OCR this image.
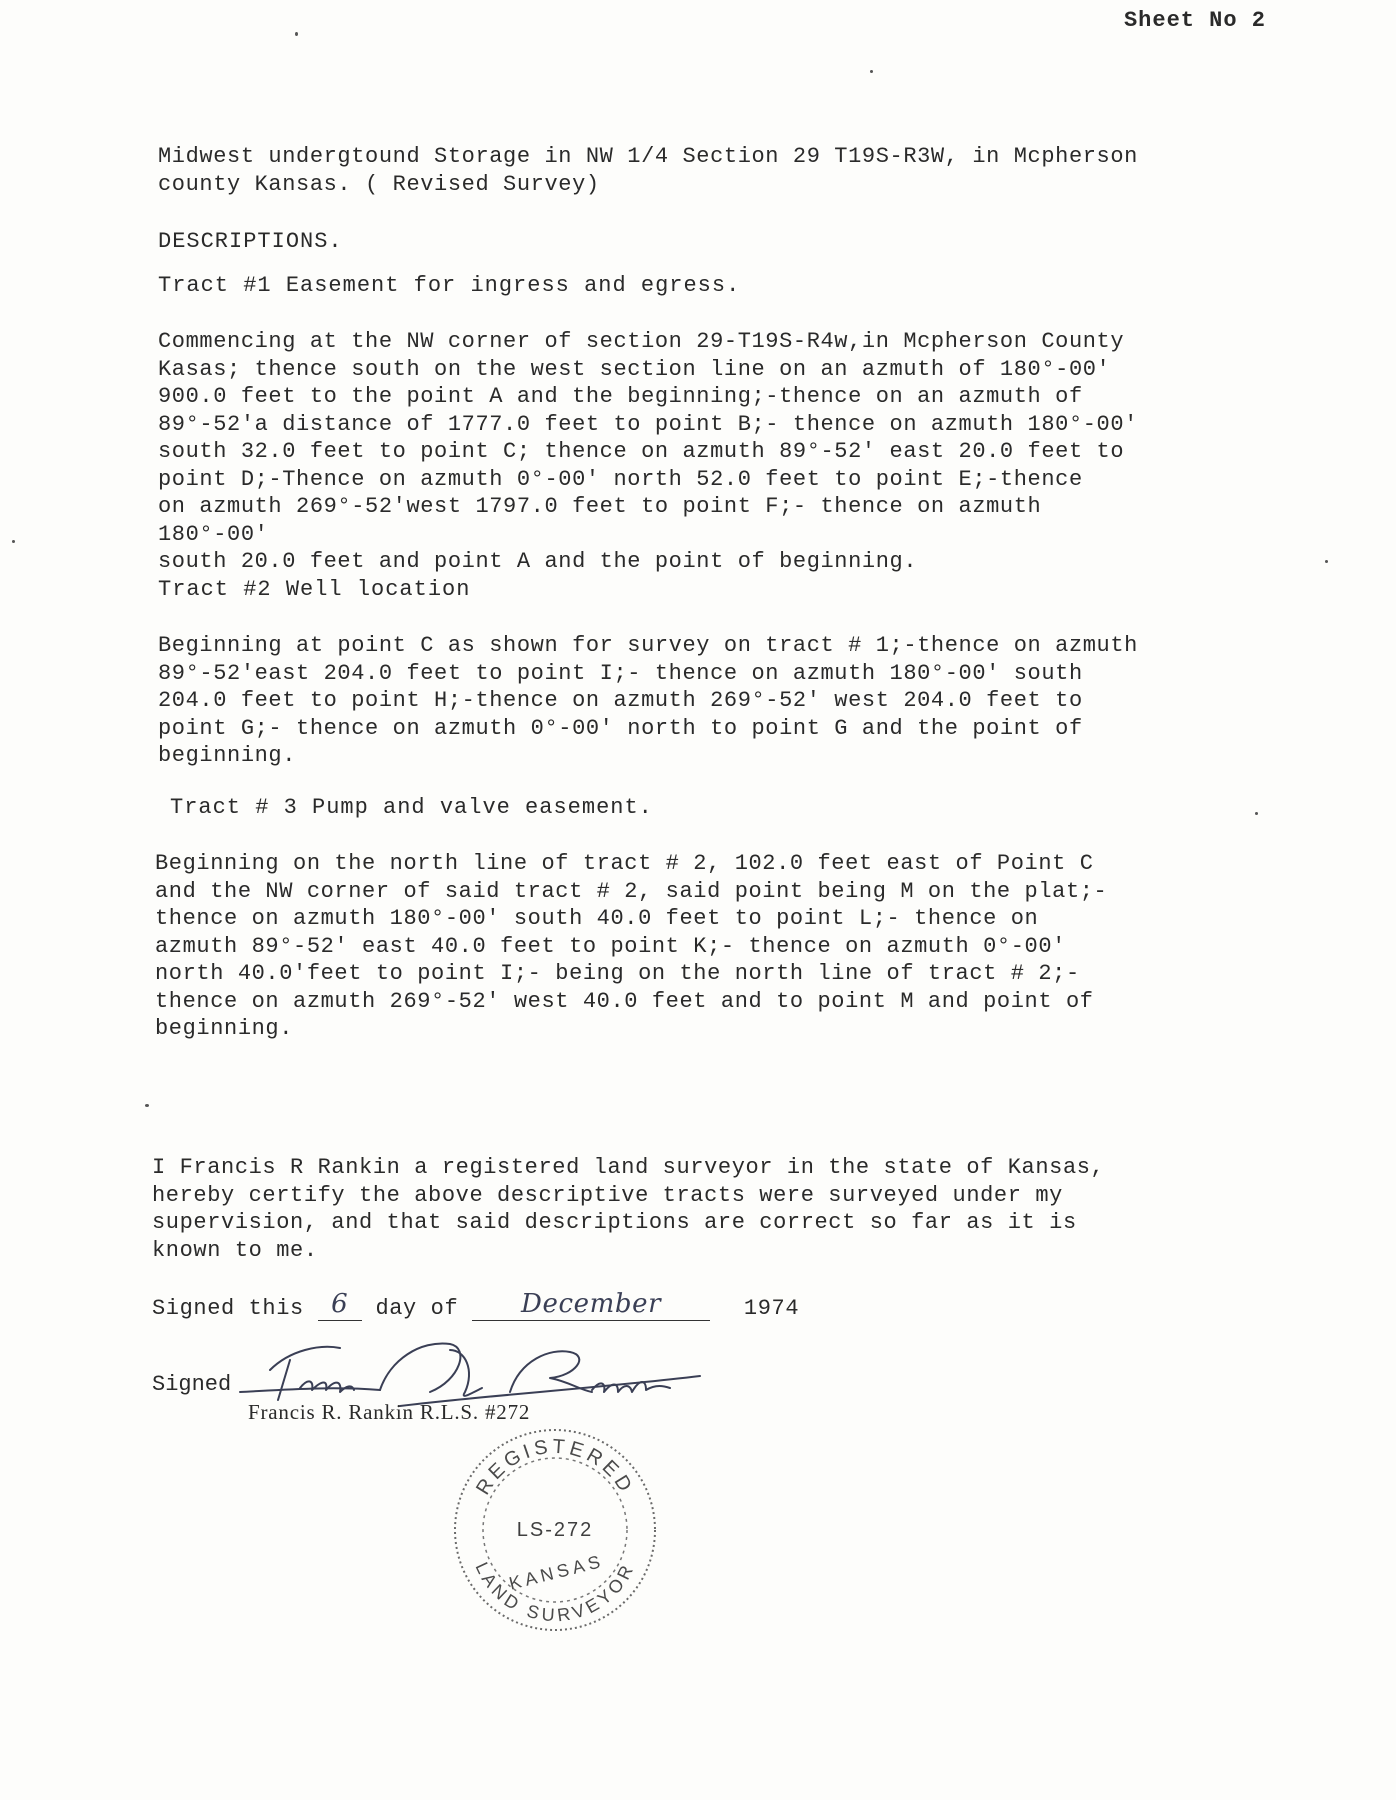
Sheet No 2
Midwest undergtound Storage in NW 1/4 Section 29 T19S-R3W, in Mcpherson
county Kansas. ( Revised Survey)
DESCRIPTIONS.
Tract #1 Easement for ingress and egress.
Commencing at the NW corner of section 29-T19S-R4w,in Mcpherson County
Kasas; thence south on the west section line on an azmuth of 180°-00'
900.0 feet to the point A and the beginning;-thence on an azmuth of
89°-52'a distance of 1777.0 feet to point B;- thence on azmuth 180°-00'
south 32.0 feet to point C; thence on azmuth 89°-52' east 20.0 feet to
point D;-Thence on azmuth 0°-00' north 52.0 feet to point E;-thence
on azmuth 269°-52'west 1797.0 feet to point F;- thence on azmuth 180°-00'
south 20.0 feet and point A and the point of beginning.
Tract #2 Well location
Beginning at point C as shown for survey on tract # 1;-thence on azmuth
89°-52'east 204.0 feet to point I;- thence on azmuth 180°-00' south
204.0 feet to point H;-thence on azmuth 269°-52' west 204.0 feet to
point G;- thence on azmuth 0°-00' north to point G and the point of
beginning.
Tract # 3 Pump and valve easement.
Beginning on the north line of tract # 2, 102.0 feet east of Point C
and the NW corner of said tract # 2, said point being M on the plat;-
thence on azmuth 180°-00' south 40.0 feet to point L;- thence on
azmuth 89°-52' east 40.0 feet to point K;- thence on azmuth 0°-00'
north 40.0'feet to point I;- being on the north line of tract # 2;-
thence on azmuth 269°-52' west 40.0 feet and to point M and point of
beginning.
I Francis R Rankin a registered land surveyor in the state of Kansas,
hereby certify the above descriptive tracts were surveyed under my
supervision, and that said descriptions are correct so far as it is
known to me.
Signed this 6 day of December	1974
Signed
Francis R. Rankin R.L.S. #272
REGISTERED
LS-272
KANSAS
LAND SURVEYOR
